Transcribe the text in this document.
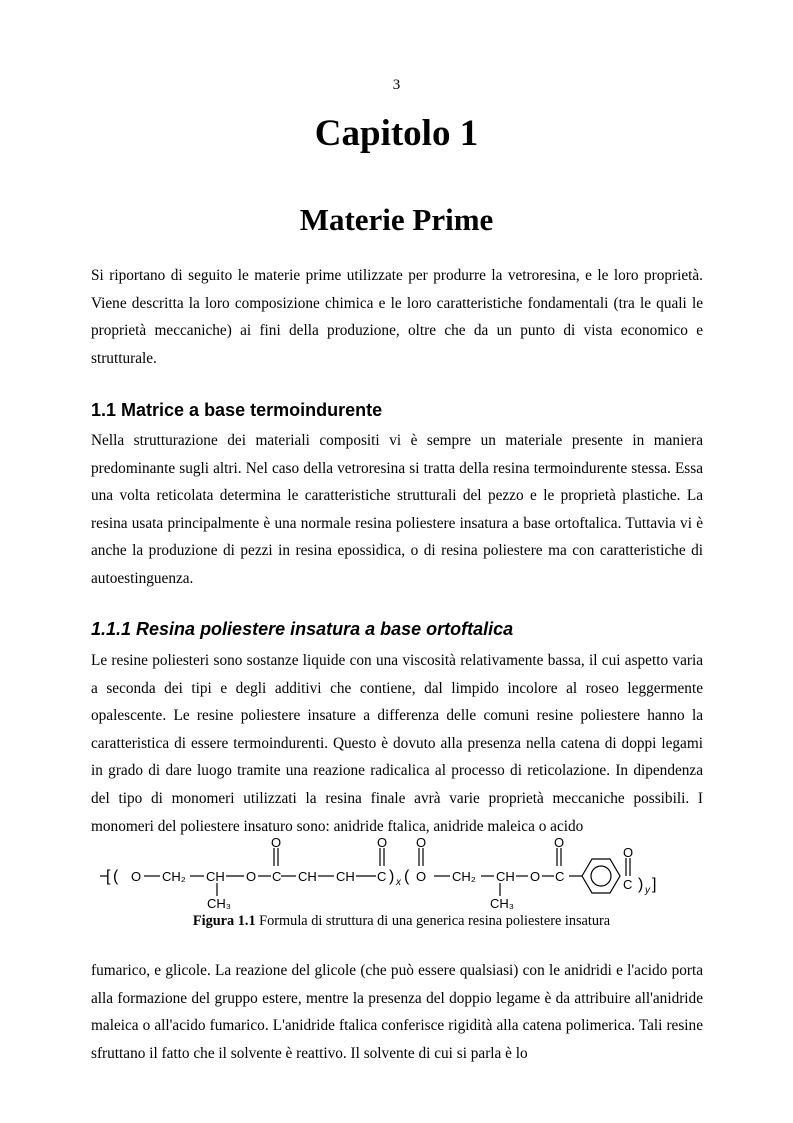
3
Capitolo 1
Materie Prime

Si riportano di seguito le materie prime utilizzate per produrre la vetroresina, e le loro proprietà. Viene descritta la loro composizione chimica e le loro caratteristiche fondamentali (tra le quali le proprietà meccaniche) ai fini della produzione, oltre che da un punto di vista economico e strutturale.

1.1 Matrice a base termoindurente

Nella strutturazione dei materiali compositi vi è sempre un materiale presente in maniera predominante sugli altri. Nel caso della vetroresina si tratta della resina termoindurente stessa. Essa una volta reticolata determina le caratteristiche strutturali del pezzo e le proprietà plastiche. La resina usata principalmente è una normale resina poliestere insatura a base ortoftalica. Tuttavia vi è anche la produzione di pezzi in resina epossidica, o di resina poliestere ma con caratteristiche di autoestinguenza.

1.1.1 Resina poliestere insatura a base ortoftalica

Le resine poliesteri sono sostanze liquide con una viscosità relativamente bassa, il cui aspetto varia a seconda dei tipi e degli additivi che contiene, dal limpido incolore al roseo leggermente opalescente. Le resine poliestere insature a differenza delle comuni resine poliestere hanno la caratteristica di essere termoindurenti. Questo è dovuto alla presenza nella catena di doppi legami in grado di dare luogo tramite una reazione radicalica al processo di reticolazione. In dipendenza del tipo di monomeri utilizzati la resina finale avrà varie proprietà meccaniche possibili. I monomeri del poliestere insaturo sono: anidride ftalica, anidride maleica o acido

[ ( O CH₂ CH
CH₃
O C
O
CH CH C
O
) x ( O
O
CH₂ CH
CH₃
O C
O
C
O
) y ]
Figura 1.1 Formula di struttura di una generica resina poliestere insatura

fumarico, e glicole. La reazione del glicole (che può essere qualsiasi) con le anidridi e l'acido porta alla formazione del gruppo estere, mentre la presenza del doppio legame è da attribuire all'anidride maleica o all'acido fumarico. L'anidride ftalica conferisce rigidità alla catena polimerica. Tali resine sfruttano il fatto che il solvente è reattivo. Il solvente di cui si parla è lo
